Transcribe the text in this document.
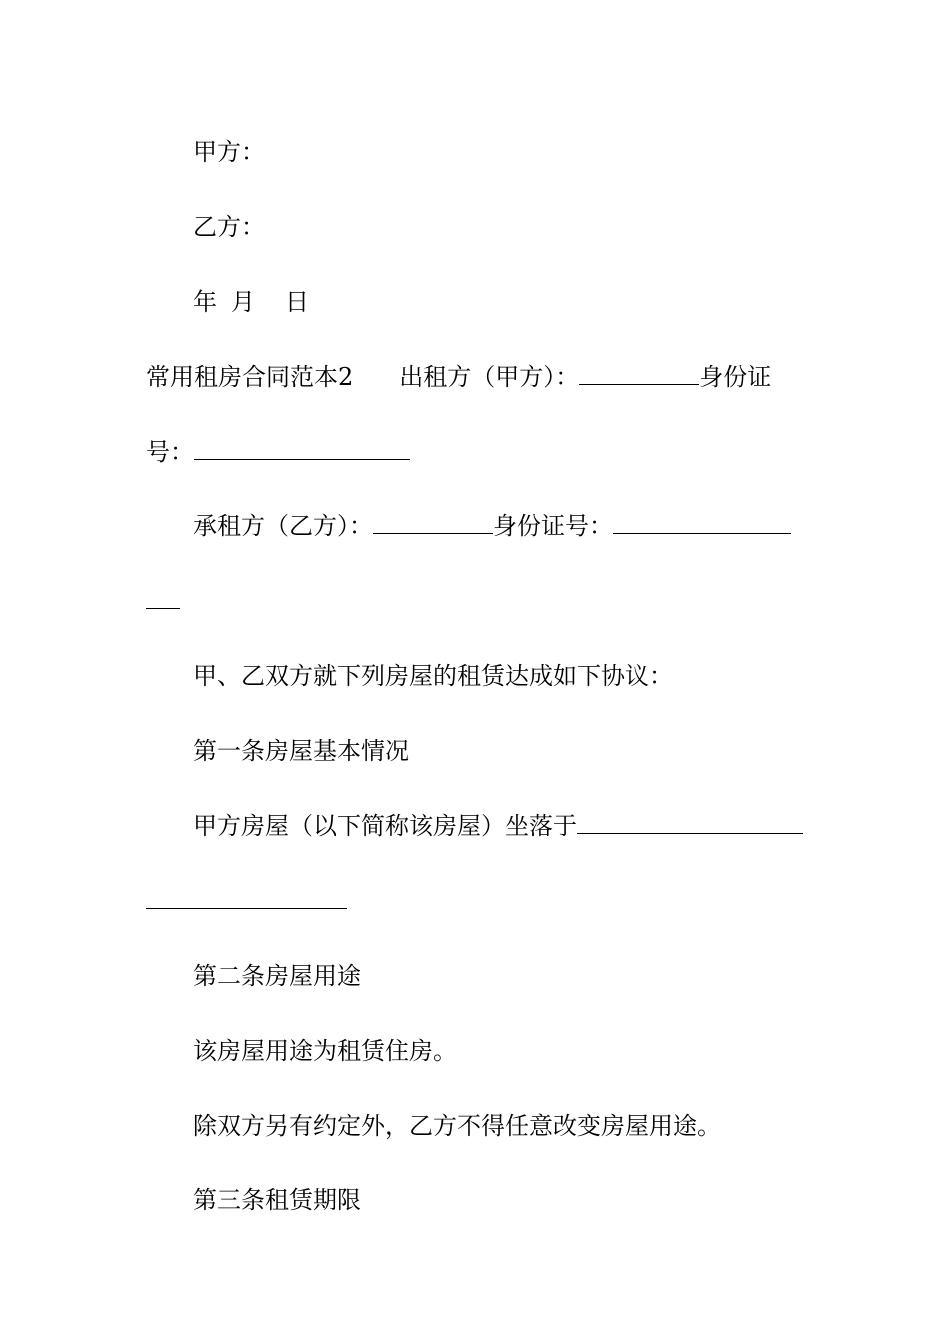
甲方：
乙方：
年 月 日
常用租房合同范本2 出租方（甲方）：	身份证
号：
承租方（乙方）：	身份证号：
甲、乙双方就下列房屋的租赁达成如下协议：
第一条房屋基本情况
甲方房屋（以下简称该房屋）坐落于
第二条房屋用途
该房屋用途为租赁住房。
除双方另有约定外，乙方不得任意改变房屋用途。
第三条租赁期限
